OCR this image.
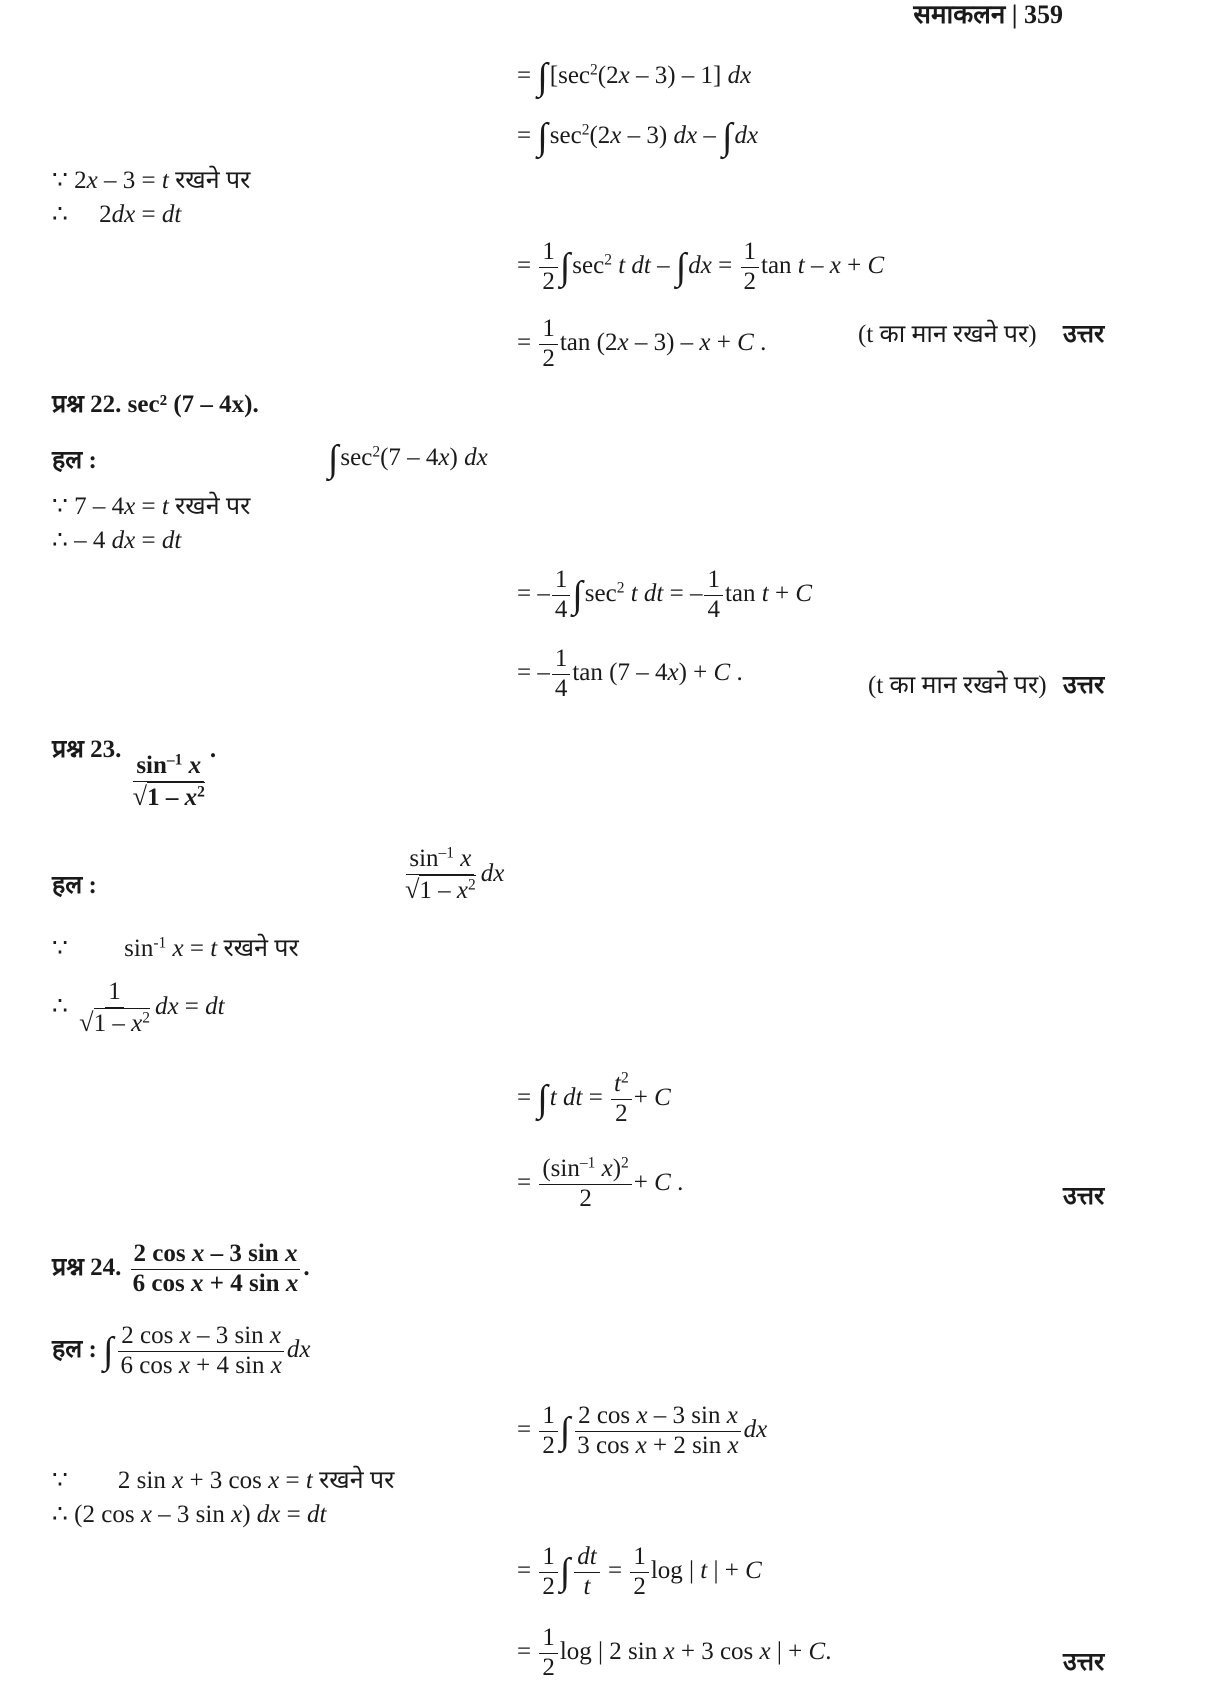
समाकलन | 359
= $\int[\sec^2(2x - 3) - 1]$ dx
= $\int\sec^2(2x - 3)$ dx – ∫dx
∵ 2x – 3 = t रखने पर
∴     2dx = dt
= $\frac{1}{2} \int\sec^2$ t dt – $\int dx = \frac{1}{2}$ tan t – x + C
= $\frac{1}{2}$ tan (2x – 3) – x + C .	(t का मान रखने पर) उत्तर
प्रश्न 22. sec² (7 – 4x).
हल :	$\int\sec^2(7 - 4x)$ dx
∵ 7 – 4x = t रखने पर
∴ – 4 dx = dt
= – $\frac{1}{4} \int\sec^2$ t dt = – $\frac{1}{4}$ tan t + C
= – $\frac{1}{4}$ tan (7 – 4x) + C .	(t का मान रखने पर) उत्तर
प्रश्न 23.
$\frac{\sin^{-1} x}{√1 - x^2}$
.
हल :	$\frac{\sin^{-1} x}{√1 - x^2}$ dx
∵         $\sin^{-1} x = t$ रखने पर
∴ $\frac{1}{√1 - x^2}$ dx = dt
= ∫t dt = $\frac{t^2}{2} + C$
= $\frac{(\sin^{-1} x)^2}{2} + C$ .
उत्तर
प्रश्न 24. $\frac{\text{2 cos x – 3 sin x}}{\text{6 cos x + 4 sin x}}$ .
हल : ∫ $\frac{\text{2 cos x – 3 sin x}}{\text{6 cos x + 4 sin x}}$ dx
= $\frac{1}{2}$ ∫ $\frac{\text{2 cos x – 3 sin x}}{\text{3 cos x + 2 sin x}}$ dx
∵        2 sin x + 3 cos x = t रखने पर
∴ (2 cos x – 3 sin x) dx = dt
= $\frac{1}{2}$ ∫ $\frac{dt}{t} = \frac{1}{2}$ log | t | + C
= $\frac{1}{2}$ log | 2 sin x + 3 cos x | + C.	उत्तर
